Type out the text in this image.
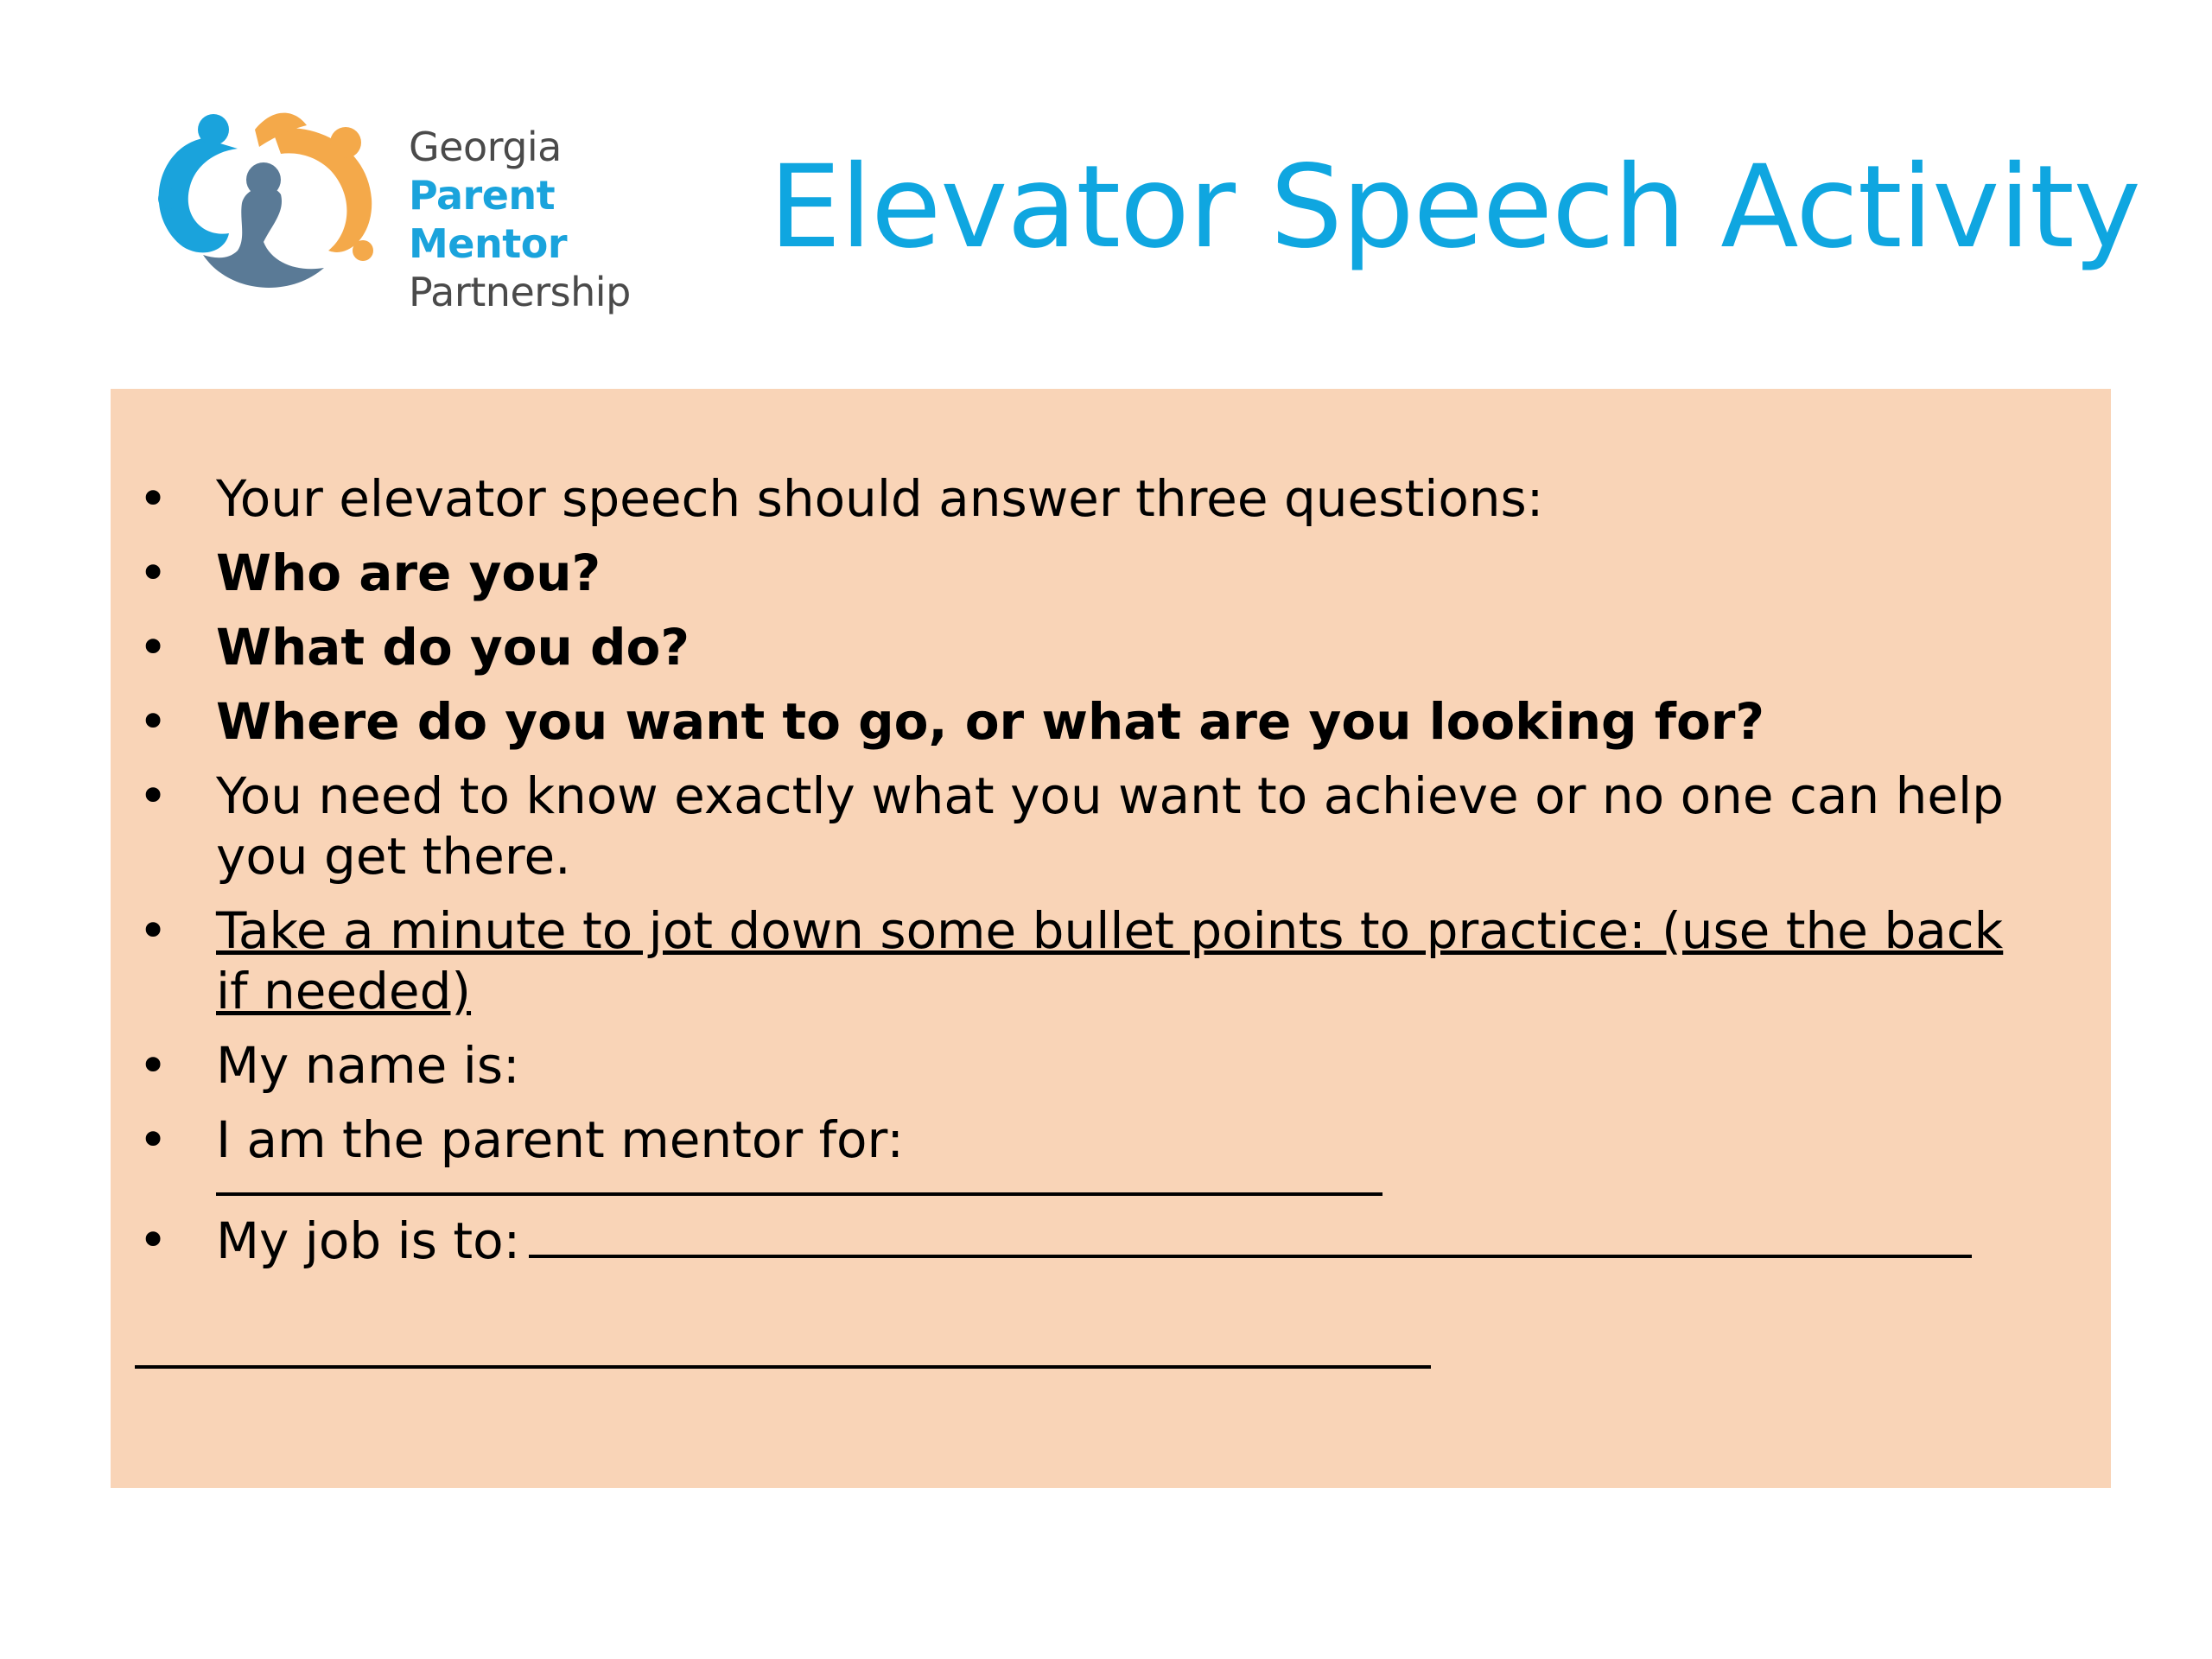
Georgia
Parent Mentor
Partnership
Elevator Speech Activity
• Your elevator speech should answer three questions:
• Who are you?
• What do you do?
• Where do you want to go, or what are you looking for?
• You need to know exactly what you want to achieve or no one can help you get there.
• Take a minute to jot down some bullet points to practice: (use the back if needed)
• My name is:
• I am the parent mentor for:
• My job is to:
